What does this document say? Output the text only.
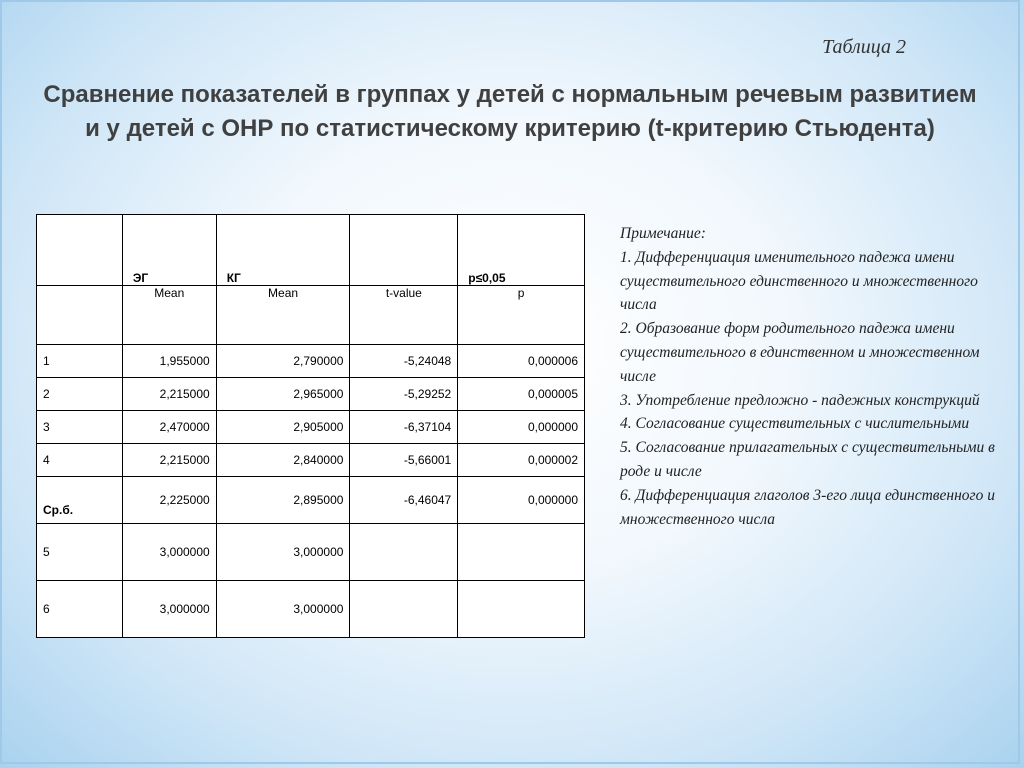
Таблица 2
Сравнение показателей в группах у детей с нормальным речевым развитием и у детей с ОНР по статистическому критерию (t-критерию Стьюдента)
	ЭГ	КГ		p≤0,05
	Mean	Mean	t-value	p
1	1,955000	2,790000	-5,24048	0,000006
2	2,215000	2,965000	-5,29252	0,000005
3	2,470000	2,905000	-6,37104	0,000000
4	2,215000	2,840000	-5,66001	0,000002
Ср.б.	2,225000	2,895000	-6,46047	0,000000
5	3,000000	3,000000		
6	3,000000	3,000000		

Примечание:

1. Дифференциация именительного падежа имени существительного единственного и множественного числа

2. Образование форм родительного падежа имени существительного в единственном и множественном числе

3. Употребление предложно - падежных конструкций

4. Согласование существительных с числительными

5. Согласование прилагательных с существительными в роде и числе

6. Дифференциация глаголов 3-его лица единственного и множественного числа
